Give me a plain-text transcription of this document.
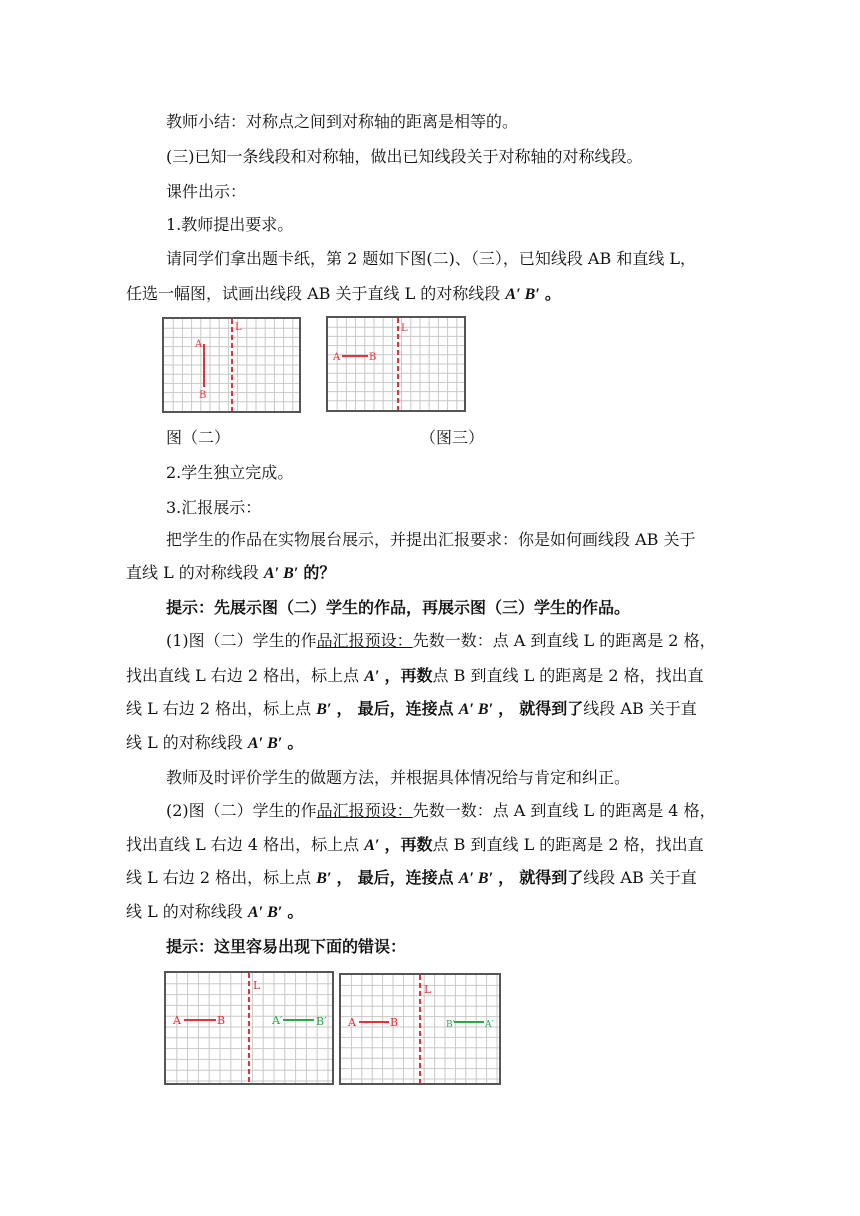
教师小结：对称点之间到对称轴的距离是相等的。
(三)已知一条线段和对称轴，做出已知线段关于对称轴的对称线段。
课件出示：
1.教师提出要求。
请同学们拿出题卡纸，第 2 题如下图(二)、（三），已知线段 AB 和直线 L，
任选一幅图，试画出线段 AB 关于直线 L 的对称线段 A′ B′ 。
L
A
B
L
A	B
图（二）	（图三）
2.学生独立完成。
3.汇报展示：
把学生的作品在实物展台展示，并提出汇报要求：你是如何画线段 AB 关于
直线 L 的对称线段 A′ B′ 的？
提示：先展示图（二）学生的作品，再展示图（三）学生的作品。
(1)图（二）学生的作品汇报预设：先数一数：点 A 到直线 L 的距离是 2 格，
找出直线 L 右边 2 格出，标上点 A′ ，再数点 B 到直线 L 的距离是 2 格，找出直
线 L 右边 2 格出，标上点 B′ ， 最后，连接点 A′ B′ ， 就得到了线段 AB 关于直
线 L 的对称线段 A′ B′ 。
教师及时评价学生的做题方法，并根据具体情况给与肯定和纠正。
(2)图（二）学生的作品汇报预设：先数一数：点 A 到直线 L 的距离是 4 格，
找出直线 L 右边 4 格出，标上点 A′ ，再数点 B 到直线 L 的距离是 2 格，找出直
线 L 右边 2 格出，标上点 B′ ， 最后，连接点 A′ B′ ， 就得到了线段 AB 关于直
线 L 的对称线段 A′ B′ 。
提示：这里容易出现下面的错误：
L
A	B	A′	B′
L
A	B	B′	A′
